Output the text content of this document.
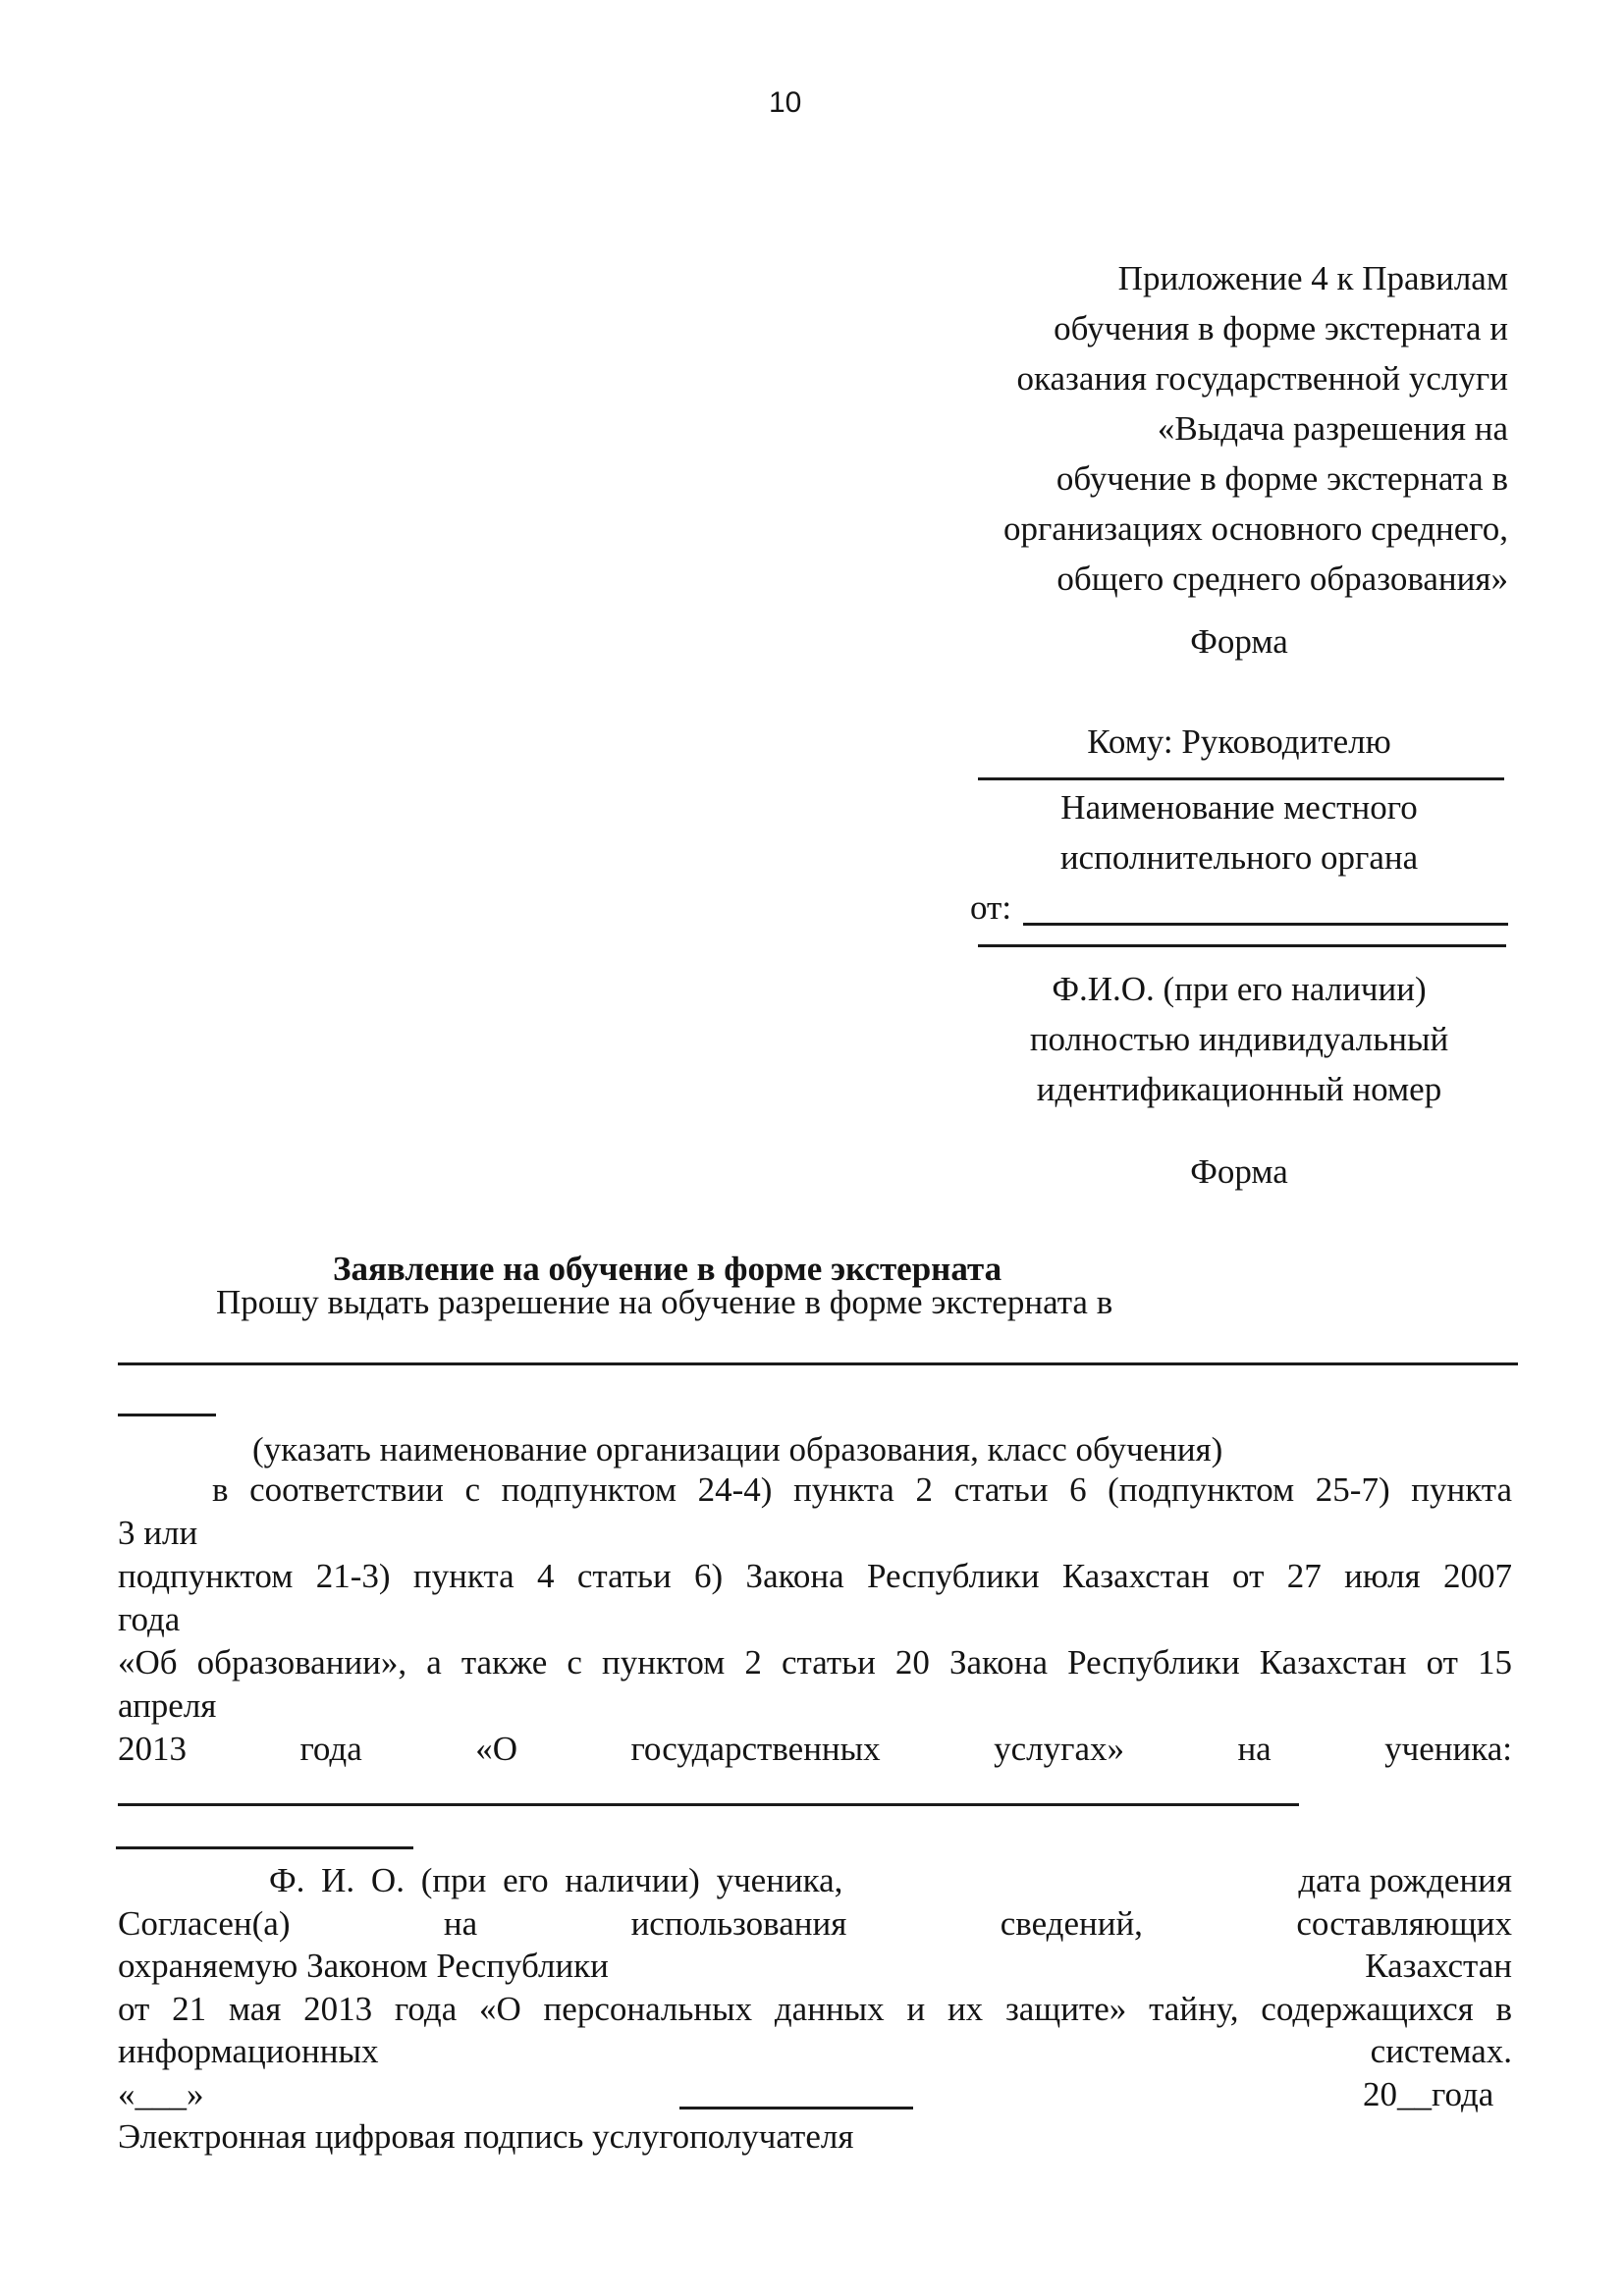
10
Приложение 4 к Правилам
обучения в форме экстерната и
оказания государственной услуги
«Выдача разрешения на
обучение в форме экстерната в
организациях основного среднего,
общего среднего образования»
Форма
Кому: Руководителю
Наименование местного
исполнительного органа
от:
Ф.И.О. (при его наличии)
полностью индивидуальный
идентификационный номер
Форма
Заявление на обучение в форме экстерната
Прошу выдать разрешение на обучение в форме экстерната в
(указать наименование организации образования, класс обучения)
в соответствии с подпунктом 24-4) пункта 2 статьи 6 (подпунктом 25-7) пункта
3 или
подпунктом 21-3) пункта 4 статьи 6) Закона Республики Казахстан от 27 июля 2007
года
«Об образовании», а также с пунктом 2 статьи 20 Закона Республики Казахстан от 15
апреля
2013 года «О государственных услугах» на ученика:
Ф. И. О. (при его наличии) ученика,	дата рождения
Согласен(а) на использования сведений, составляющих
охраняемую Законом Республики	Казахстан
от 21 мая 2013 года «О персональных данных и их защите» тайну, содержащихся в
информационных	системах.
«___»	20__года
Электронная цифровая подпись услугополучателя
